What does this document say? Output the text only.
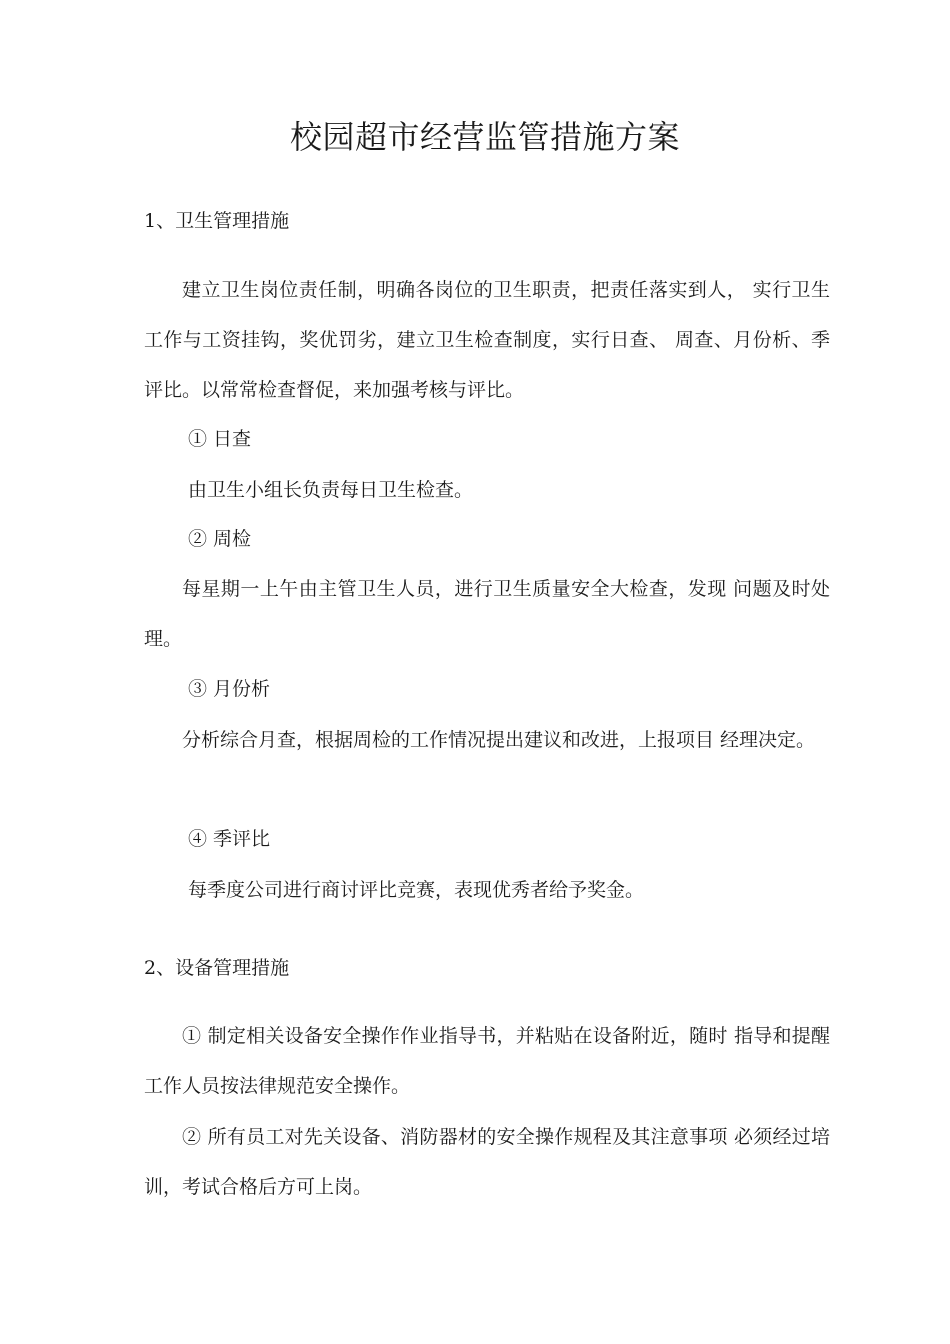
校园超市经营监管措施方案
1、卫生管理措施

建立卫生岗位责任制，明确各岗位的卫生职责，把责任落实到人， 实行卫生工作与工资挂钩，奖优罚劣，建立卫生检查制度，实行日查、 周查、月份析、季评比。以常常检查督促，来加强考核与评比。

① 日查

由卫生小组长负责每日卫生检查。

② 周检

每星期一上午由主管卫生人员，进行卫生质量安全大检查，发现 问题及时处理。

③ 月份析

分析综合月查，根据周检的工作情况提出建议和改进，上报项目 经理决定。

④ 季评比

每季度公司进行商讨评比竞赛，表现优秀者给予奖金。

2、设备管理措施

① 制定相关设备安全操作作业指导书，并粘贴在设备附近，随时 指导和提醒工作人员按法律规范安全操作。

② 所有员工对先关设备、消防器材的安全操作规程及其注意事项 必须经过培训，考试合格后方可上岗。
